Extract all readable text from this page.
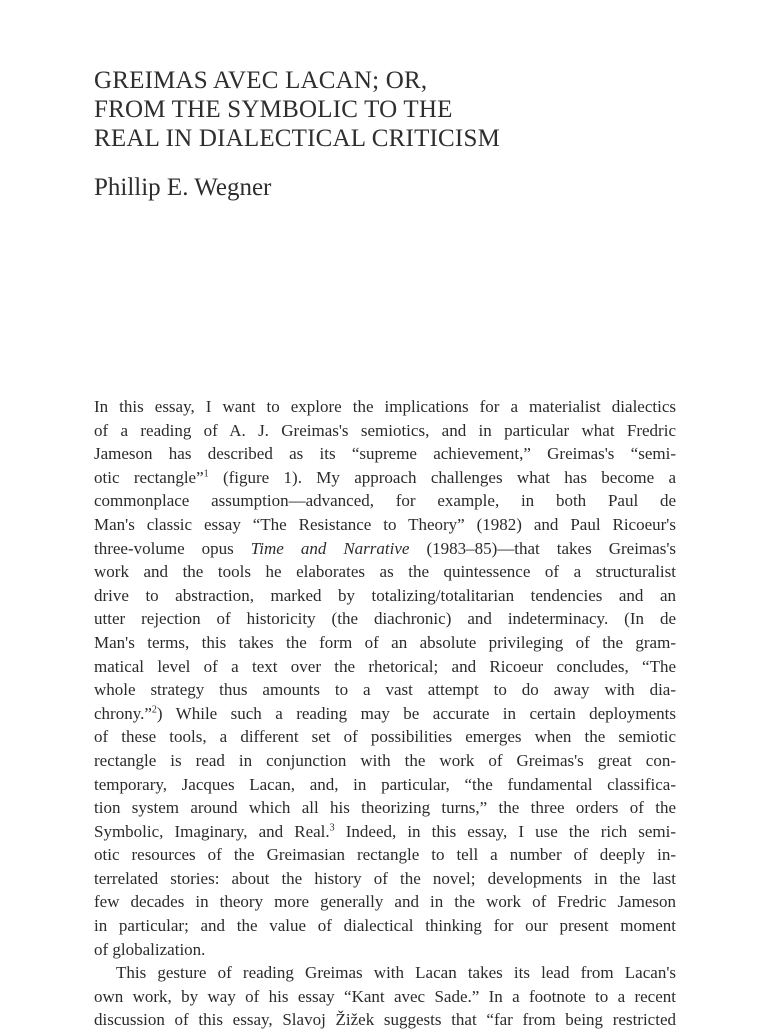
GREIMAS AVEC LACAN; OR,
FROM THE SYMBOLIC TO THE
REAL IN DIALECTICAL CRITICISM
Phillip E. Wegner
In this essay, I want to explore the implications for a materialist dialectics
of a reading of A. J. Greimas's semiotics, and in particular what Fredric
Jameson has described as its “supreme achievement,” Greimas's “semi-
otic rectangle”$^1$ (figure 1). My approach challenges what has become a
commonplace assumption—advanced, for example, in both Paul de
Man's classic essay “The Resistance to Theory” (1982) and Paul Ricoeur's
three-volume opus Time and Narrative (1983–85)—that takes Greimas's
work and the tools he elaborates as the quintessence of a structuralist
drive to abstraction, marked by totalizing/totalitarian tendencies and an
utter rejection of historicity (the diachronic) and indeterminacy. (In de
Man's terms, this takes the form of an absolute privileging of the gram-
matical level of a text over the rhetorical; and Ricoeur concludes, “The
whole strategy thus amounts to a vast attempt to do away with dia-
chrony.”$^2$) While such a reading may be accurate in certain deployments
of these tools, a different set of possibilities emerges when the semiotic
rectangle is read in conjunction with the work of Greimas's great con-
temporary, Jacques Lacan, and, in particular, “the fundamental classifica-
tion system around which all his theorizing turns,” the three orders of the
Symbolic, Imaginary, and Real.$^3$ Indeed, in this essay, I use the rich semi-
otic resources of the Greimasian rectangle to tell a number of deeply in-
terrelated stories: about the history of the novel; developments in the last
few decades in theory more generally and in the work of Fredric Jameson
in particular; and the value of dialectical thinking for our present moment
of globalization.
This gesture of reading Greimas with Lacan takes its lead from Lacan's
own work, by way of his essay “Kant avec Sade.” In a footnote to a recent
discussion of this essay, Slavoj Žižek suggests that “far from being restricted
